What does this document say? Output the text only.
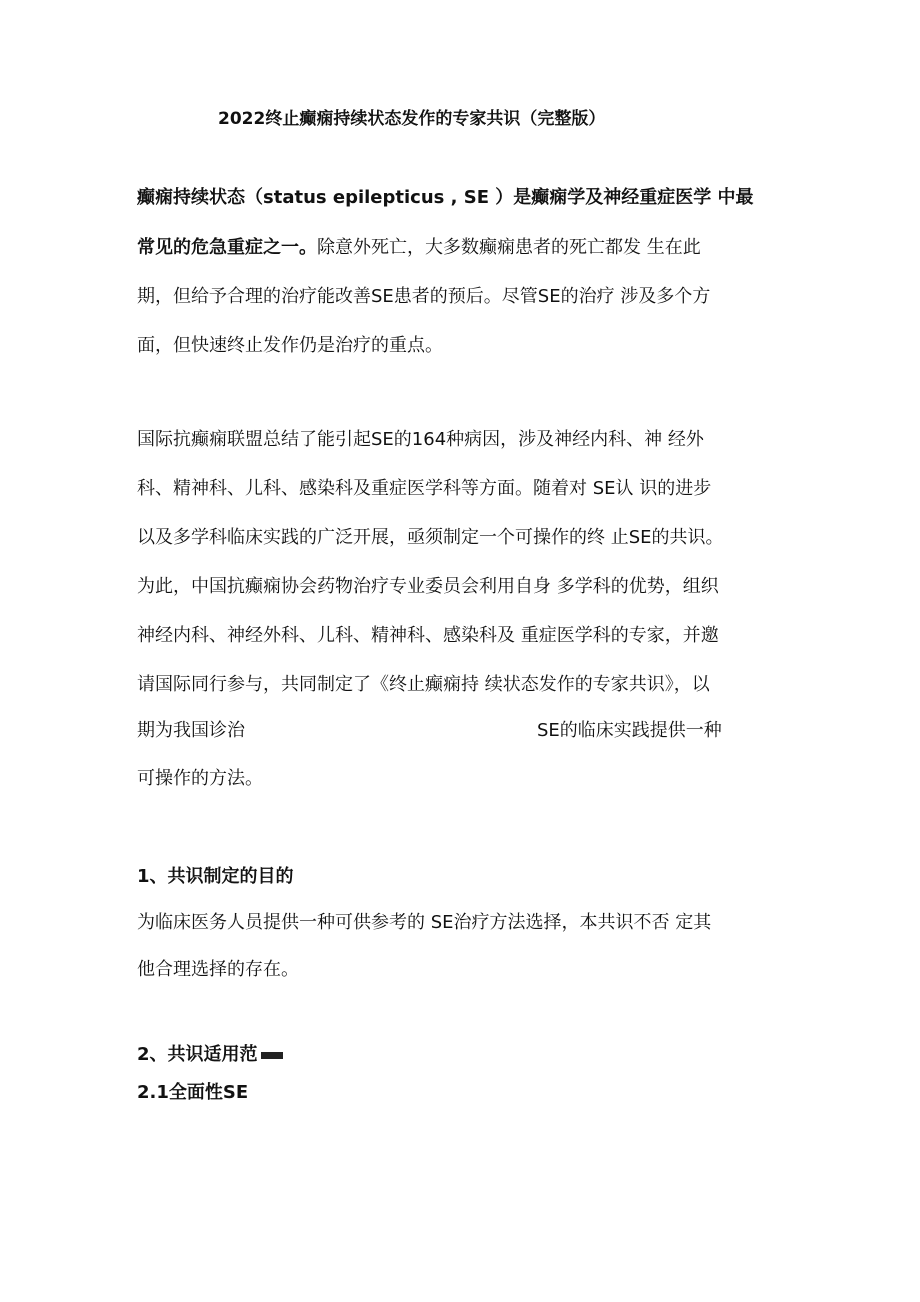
2022终止癫痫持续状态发作的专家共识（完整版）
癫痫持续状态（status epilepticus , SE ）是癫痫学及神经重症医学 中最
常见的危急重症之一。除意外死亡，大多数癫痫患者的死亡都发 生在此
期，但给予合理的治疗能改善SE患者的预后。尽管SE的治疗 涉及多个方
面，但快速终止发作仍是治疗的重点。
国际抗癫痫联盟总结了能引起SE的164种病因，涉及神经内科、神 经外
科、精神科、儿科、感染科及重症医学科等方面。随着对 SE认 识的进步
以及多学科临床实践的广泛开展，亟须制定一个可操作的终 止SE的共识。
为此，中国抗癫痫协会药物治疗专业委员会利用自身 多学科的优势，组织
神经内科、神经外科、儿科、精神科、感染科及 重症医学科的专家，并邀
请国际同行参与，共同制定了《终止癫痫持 续状态发作的专家共识》，以
期为我国诊治	SE的临床实践提供一种
可操作的方法。
1、共识制定的目的
为临床医务人员提供一种可供参考的 SE治疗方法选择，本共识不否 定其
他合理选择的存在。
2、共识适用范
2.1全面性SE
